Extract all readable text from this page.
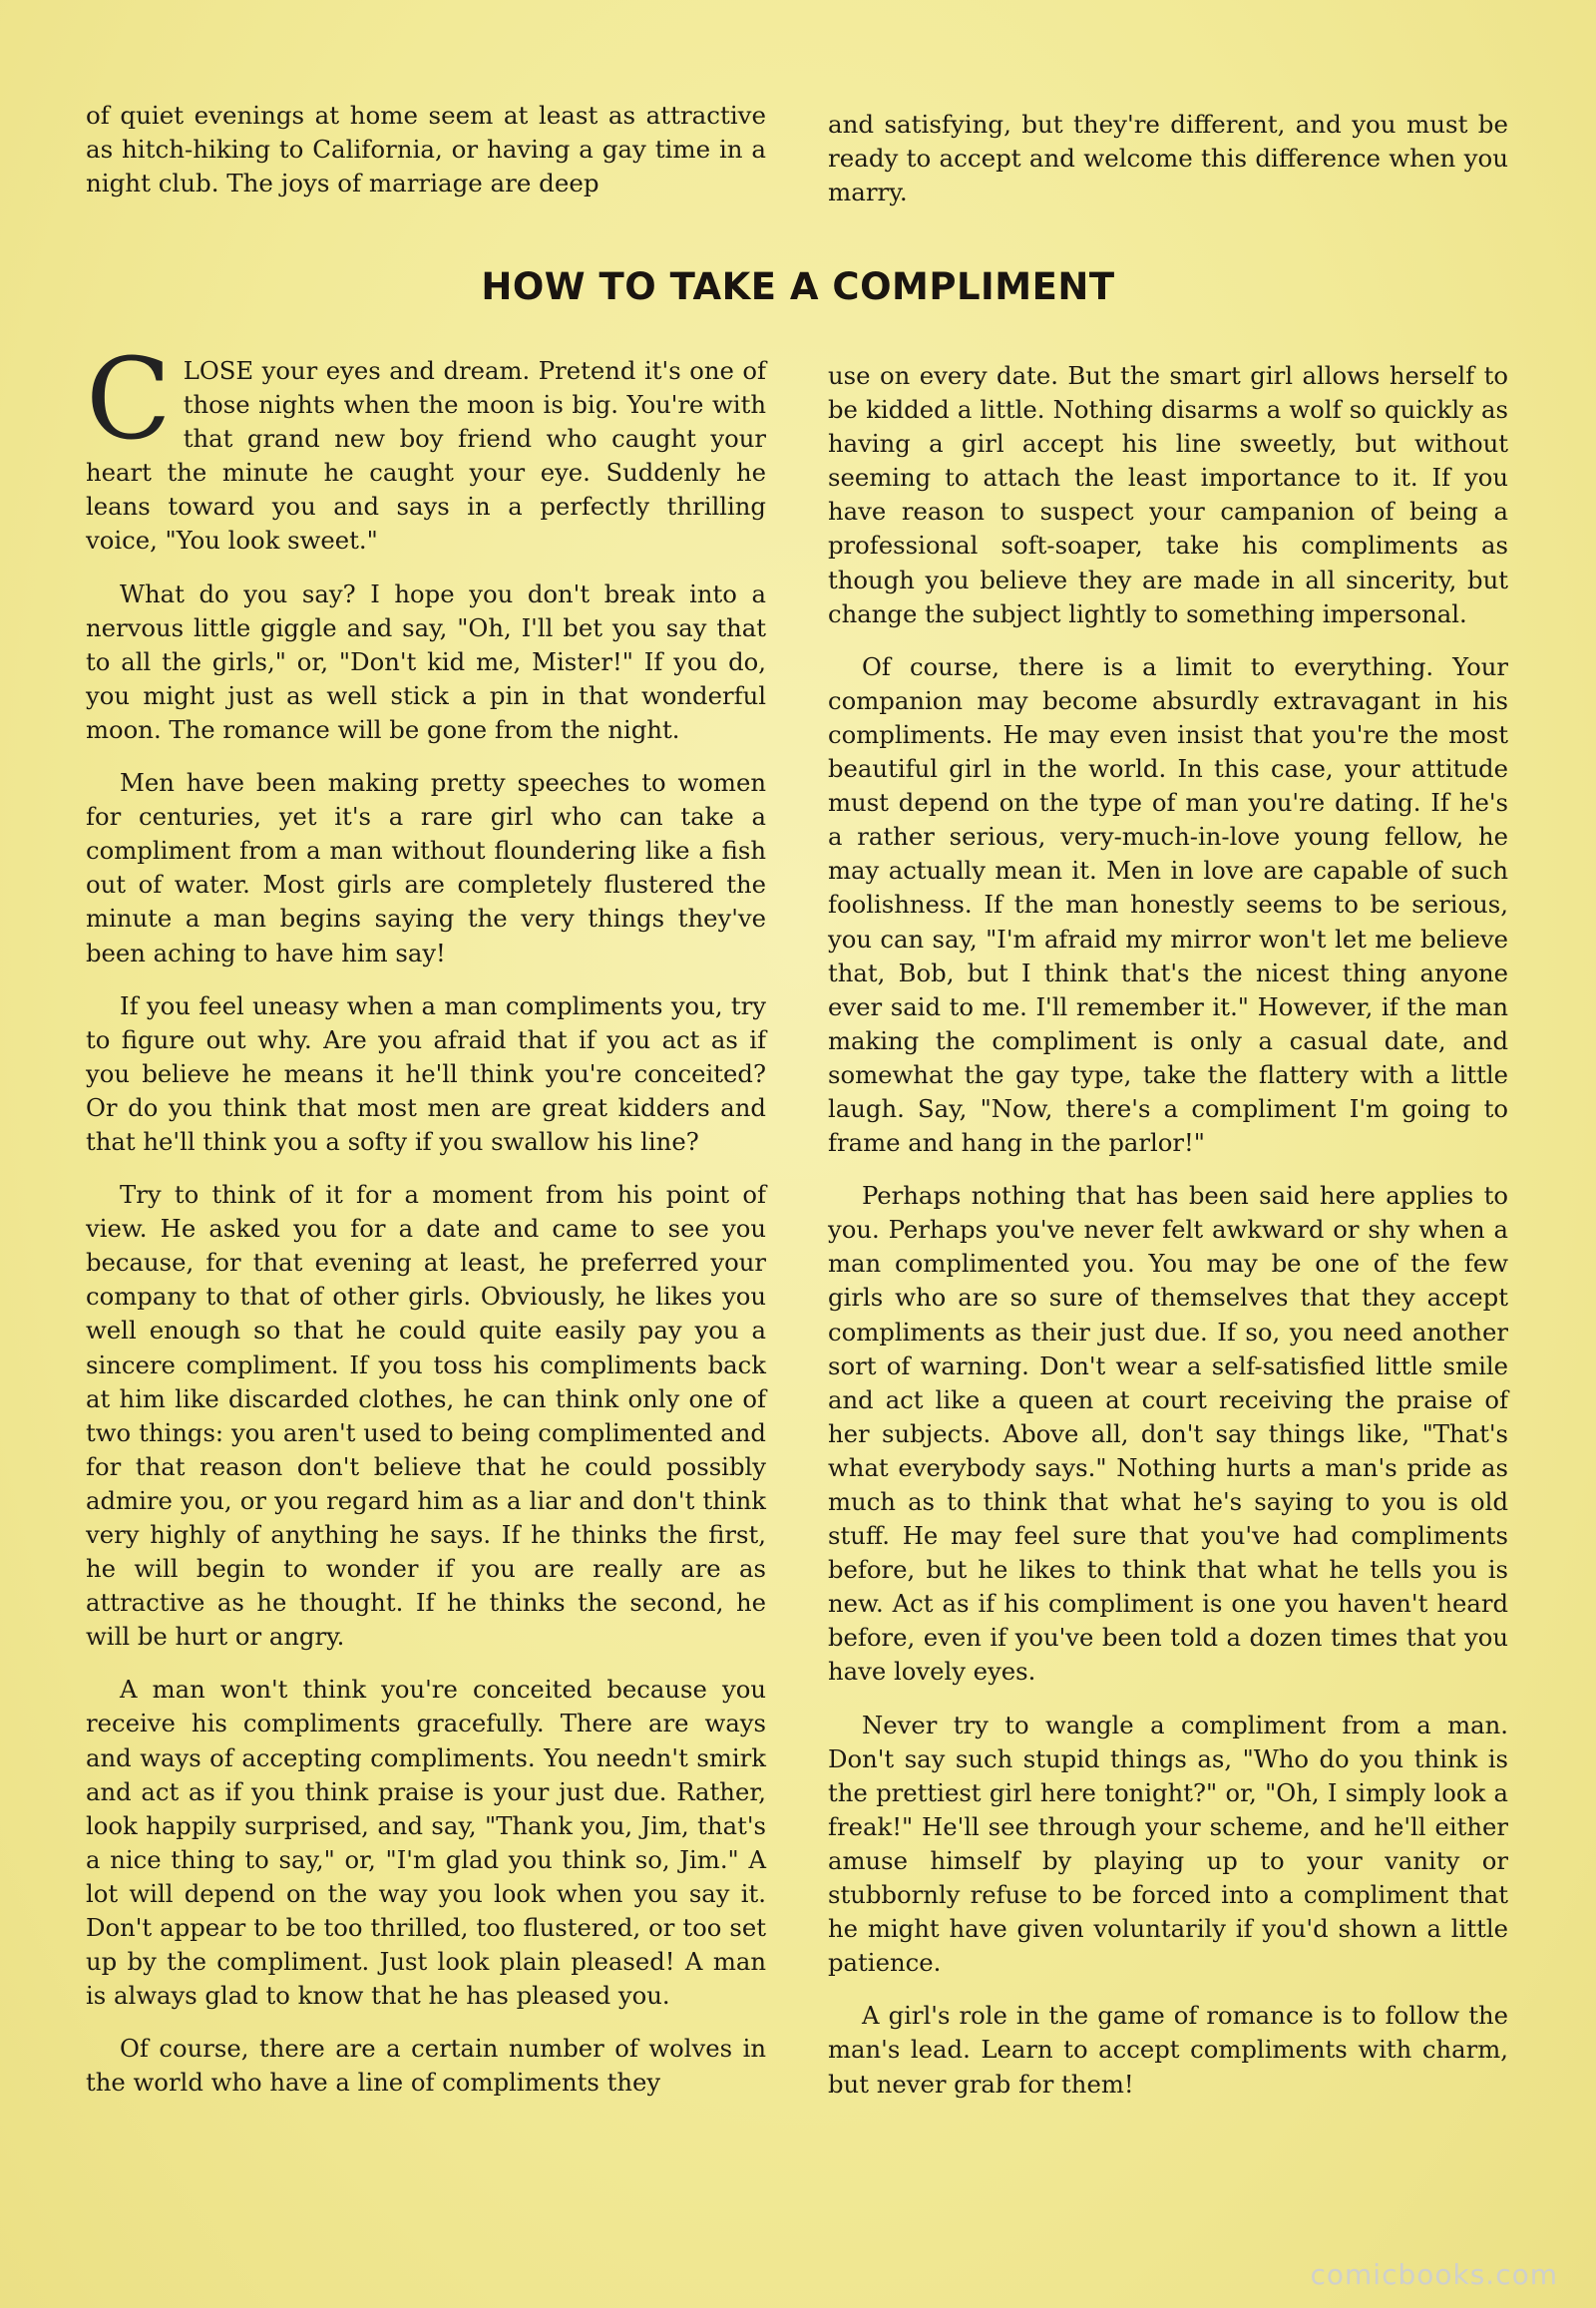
of quiet evenings at home seem at least as attractive as hitch-hiking to California, or having a gay time in a night club. The joys of marriage are deep

and satisfying, but they're different, and you must be ready to accept and welcome this difference when you marry.

HOW TO TAKE A COMPLIMENT

CLOSE your eyes and dream. Pretend it's one of those nights when the moon is big. You're with that grand new boy friend who caught your heart the minute he caught your eye. Suddenly he leans toward you and says in a perfectly thrilling voice, "You look sweet."

What do you say? I hope you don't break into a nervous little giggle and say, "Oh, I'll bet you say that to all the girls," or, "Don't kid me, Mister!" If you do, you might just as well stick a pin in that wonderful moon. The romance will be gone from the night.

Men have been making pretty speeches to women for centuries, yet it's a rare girl who can take a compliment from a man without floundering like a fish out of water. Most girls are completely flustered the minute a man begins saying the very things they've been aching to have him say!

If you feel uneasy when a man compliments you, try to figure out why. Are you afraid that if you act as if you believe he means it he'll think you're conceited? Or do you think that most men are great kidders and that he'll think you a softy if you swallow his line?

Try to think of it for a moment from his point of view. He asked you for a date and came to see you because, for that evening at least, he preferred your company to that of other girls. Obviously, he likes you well enough so that he could quite easily pay you a sincere compliment. If you toss his compliments back at him like discarded clothes, he can think only one of two things: you aren't used to being complimented and for that reason don't believe that he could possibly admire you, or you regard him as a liar and don't think very highly of anything he says. If he thinks the first, he will begin to wonder if you are really are as attractive as he thought. If he thinks the second, he will be hurt or angry.

A man won't think you're conceited because you receive his compliments gracefully. There are ways and ways of accepting compliments. You needn't smirk and act as if you think praise is your just due. Rather, look happily surprised, and say, "Thank you, Jim, that's a nice thing to say," or, "I'm glad you think so, Jim." A lot will depend on the way you look when you say it. Don't appear to be too thrilled, too flustered, or too set up by the compliment. Just look plain pleased! A man is always glad to know that he has pleased you.

Of course, there are a certain number of wolves in the world who have a line of compliments they

use on every date. But the smart girl allows herself to be kidded a little. Nothing disarms a wolf so quickly as having a girl accept his line sweetly, but without seeming to attach the least importance to it. If you have reason to suspect your campanion of being a professional soft-soaper, take his compliments as though you believe they are made in all sincerity, but change the subject lightly to something impersonal.

Of course, there is a limit to everything. Your companion may become absurdly extravagant in his compliments. He may even insist that you're the most beautiful girl in the world. In this case, your attitude must depend on the type of man you're dating. If he's a rather serious, very-much-in-love young fellow, he may actually mean it. Men in love are capable of such foolishness. If the man honestly seems to be serious, you can say, "I'm afraid my mirror won't let me believe that, Bob, but I think that's the nicest thing anyone ever said to me. I'll remember it." However, if the man making the compliment is only a casual date, and somewhat the gay type, take the flattery with a little laugh. Say, "Now, there's a compliment I'm going to frame and hang in the parlor!"

Perhaps nothing that has been said here applies to you. Perhaps you've never felt awkward or shy when a man complimented you. You may be one of the few girls who are so sure of themselves that they accept compliments as their just due. If so, you need another sort of warning. Don't wear a self-satisfied little smile and act like a queen at court receiving the praise of her subjects. Above all, don't say things like, "That's what everybody says." Nothing hurts a man's pride as much as to think that what he's saying to you is old stuff. He may feel sure that you've had compliments before, but he likes to think that what he tells you is new. Act as if his compliment is one you haven't heard before, even if you've been told a dozen times that you have lovely eyes.

Never try to wangle a compliment from a man. Don't say such stupid things as, "Who do you think is the prettiest girl here tonight?" or, "Oh, I simply look a freak!" He'll see through your scheme, and he'll either amuse himself by playing up to your vanity or stubbornly refuse to be forced into a compliment that he might have given voluntarily if you'd shown a little patience.

A girl's role in the game of romance is to follow the man's lead. Learn to accept compliments with charm, but never grab for them!

comicbooks.com
